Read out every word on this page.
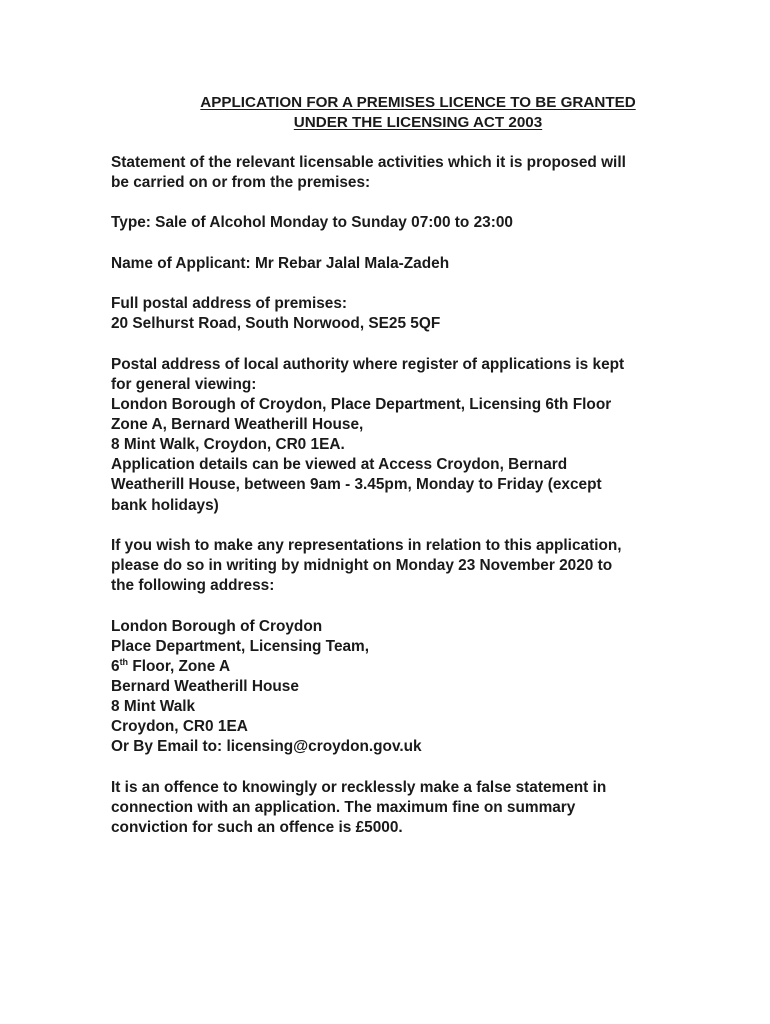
APPLICATION FOR A PREMISES LICENCE TO BE GRANTED
UNDER THE LICENSING ACT 2003
Statement of the relevant licensable activities which it is proposed will
be carried on or from the premises:
Type: Sale of Alcohol Monday to Sunday 07:00 to 23:00
Name of Applicant: Mr Rebar Jalal Mala-Zadeh
Full postal address of premises:
20 Selhurst Road, South Norwood, SE25 5QF
Postal address of local authority where register of applications is kept
for general viewing:
London Borough of Croydon, Place Department, Licensing 6th Floor
Zone A, Bernard Weatherill House,
8 Mint Walk, Croydon, CR0 1EA.
Application details can be viewed at Access Croydon, Bernard
Weatherill House, between 9am - 3.45pm, Monday to Friday (except
bank holidays)
If you wish to make any representations in relation to this application,
please do so in writing by midnight on Monday 23 November 2020 to
the following address:
London Borough of Croydon
Place Department, Licensing Team,
6th Floor, Zone A
Bernard Weatherill House
8 Mint Walk
Croydon, CR0 1EA
Or By Email to: licensing@croydon.gov.uk
It is an offence to knowingly or recklessly make a false statement in
connection with an application. The maximum fine on summary
conviction for such an offence is £5000.
